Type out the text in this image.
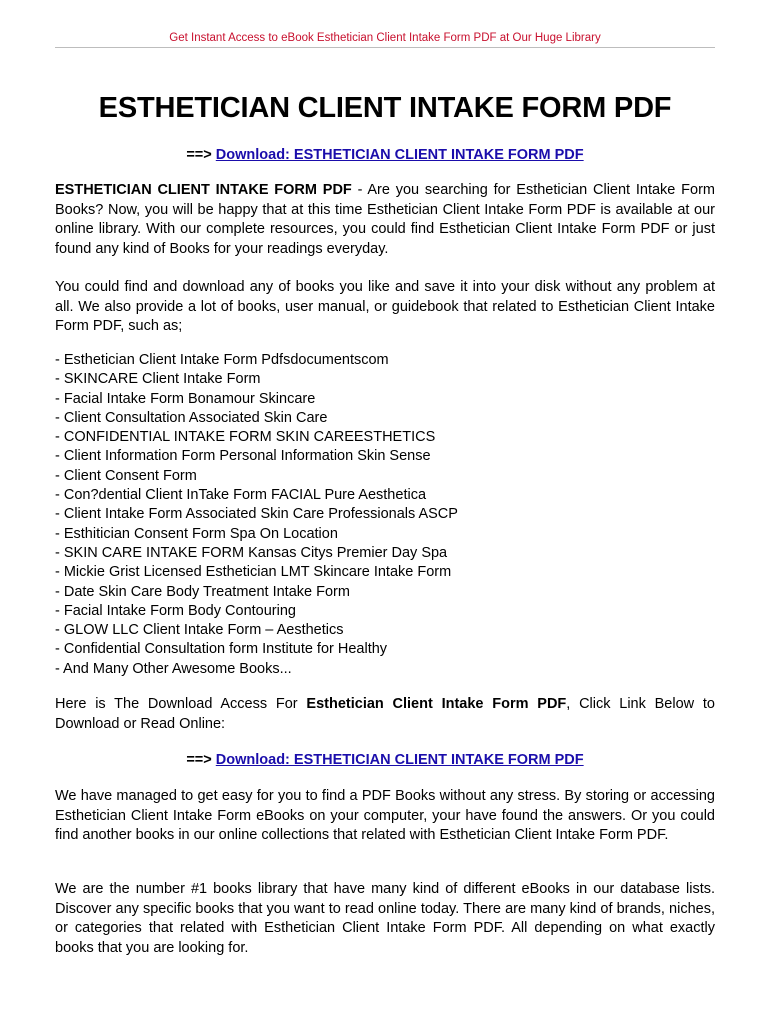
Get Instant Access to eBook Esthetician Client Intake Form PDF at Our Huge Library
ESTHETICIAN CLIENT INTAKE FORM PDF
==> Download: ESTHETICIAN CLIENT INTAKE FORM PDF
ESTHETICIAN CLIENT INTAKE FORM PDF - Are you searching for Esthetician Client Intake Form Books? Now, you will be happy that at this time Esthetician Client Intake Form PDF is available at our online library. With our complete resources, you could find Esthetician Client Intake Form PDF or just found any kind of Books for your readings everyday.
You could find and download any of books you like and save it into your disk without any problem at all. We also provide a lot of books, user manual, or guidebook that related to Esthetician Client Intake Form PDF, such as;
- Esthetician Client Intake Form Pdfsdocumentscom
- SKINCARE Client Intake Form
- Facial Intake Form Bonamour Skincare
- Client Consultation Associated Skin Care
- CONFIDENTIAL INTAKE FORM SKIN CAREESTHETICS
- Client Information Form Personal Information Skin Sense
- Client Consent Form
- Con?dential Client InTake Form FACIAL Pure Aesthetica
- Client Intake Form Associated Skin Care Professionals ASCP
- Esthitician Consent Form Spa On Location
- SKIN CARE INTAKE FORM Kansas Citys Premier Day Spa
- Mickie Grist Licensed Esthetician LMT Skincare Intake Form
- Date Skin Care Body Treatment Intake Form
- Facial Intake Form Body Contouring
- GLOW LLC Client Intake Form – Aesthetics
- Confidential Consultation form Institute for Healthy
- And Many Other Awesome Books...
Here is The Download Access For Esthetician Client Intake Form PDF, Click Link Below to Download or Read Online:
==> Download: ESTHETICIAN CLIENT INTAKE FORM PDF
We have managed to get easy for you to find a PDF Books without any stress. By storing or accessing Esthetician Client Intake Form eBooks on your computer, your have found the answers. Or you could find another books in our online collections that related with Esthetician Client Intake Form PDF.
We are the number #1 books library that have many kind of different eBooks in our database lists. Discover any specific books that you want to read online today. There are many kind of brands, niches, or categories that related with Esthetician Client Intake Form PDF. All depending on what exactly books that you are looking for.
